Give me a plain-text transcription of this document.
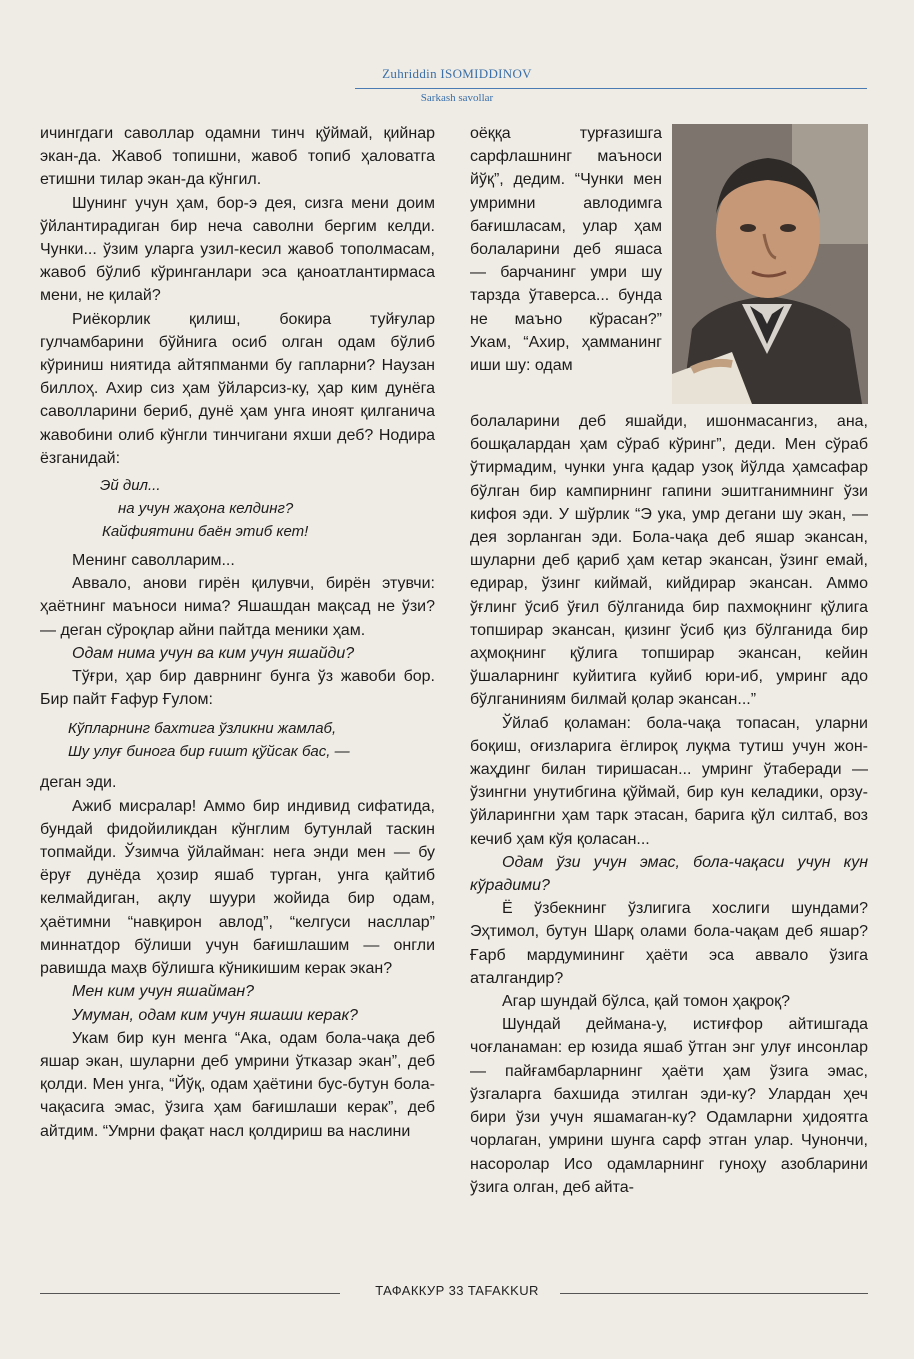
Zuhriddin ISOMIDDINOV
Sarkash savollar

ичингдаги саволлар одамни тинч қўймай, қийнар экан-да. Жавоб топишни, жавоб топиб ҳаловатга етишни тилар экан-да кўнгил.

Шунинг учун ҳам, бор-э дея, сизга мени доим ўйлантирадиган бир неча саволни бергим келди. Чунки... ўзим уларга узил-кесил жавоб тополмасам, жавоб бўлиб кўринганлари эса қаноатлантирмаса мени, не қилай?

Риёкорлик қилиш, бокира туйғулар гулчамбарини бўйнига осиб олган одам бўлиб кўриниш ниятида айтяпманми бу гапларни? Наузан биллоҳ. Ахир сиз ҳам ўйларсиз-ку, ҳар ким дунёга саволларини бериб, дунё ҳам унга иноят қилганича жавобини олиб кўнгли тинчигани яхши деб? Нодира ёзганидай:

Эй дил...
на учун жаҳона келдинг?
Кайфиятини баён этиб кет!

Менинг саволларим...

Аввало, анови гирён қилувчи, бирён этувчи: ҳаётнинг маъноси нима? Яшашдан мақсад не ўзи? — деган сўроқлар айни пайтда меники ҳам.

Одам нима учун ва ким учун яшайди?

Тўғри, ҳар бир даврнинг бунга ўз жавоби бор. Бир пайт Ғафур Ғулом:

Кўпларнинг бахтига ўзликни жамлаб,
Шу улуғ бинога бир ғишт қўйсак бас, —

деган эди.

Ажиб мисралар! Аммо бир индивид сифатида, бундай фидойиликдан кўнглим бутунлай таскин топмайди. Ўзимча ўйлайман: нега энди мен — бу ёруғ дунёда ҳозир яшаб турган, унга қайтиб келмайдиган, ақлу шуури жойида бир одам, ҳаётимни “навқирон авлод”, “келгуси насллар” миннатдор бўлиши учун бағишлашим — онгли равишда маҳв бўлишга кўникишим керак экан?

Мен ким учун яшайман?

Умуман, одам ким учун яшаши керак?

Укам бир кун менга “Ака, одам бола-чақа деб яшар экан, шуларни деб умрини ўтказар экан”, деб қолди. Мен унга, “Йўқ, одам ҳаётини бус-бутун бола-чақасига эмас, ўзига ҳам бағишлаши керак”, деб айтдим. “Умрни фақат насл қолдириш ва наслини

оёққа турғазишга сарфлашнинг маъноси йўқ”, дедим. “Чунки мен умримни авлодимга бағишласам, улар ҳам болаларини деб яшаса — барчанинг умри шу тарзда ўтаверса... бунда не маъно кўрасан?” Укам, “Ахир, ҳамманинг иши шу: одам

болаларини деб яшайди, ишонмасангиз, ана, бошқалардан ҳам сўраб кўринг”, деди. Мен сўраб ўтирмадим, чунки унга қадар узоқ йўлда ҳамсафар бўлган бир кампирнинг гапини эшитганимнинг ўзи кифоя эди. У шўрлик “Э ука, умр дегани шу экан, — дея зорланган эди. Бола-чақа деб яшар экансан, шуларни деб қариб ҳам кетар экансан, ўзинг емай, едирар, ўзинг киймай, кийдирар экансан. Аммо ўғлинг ўсиб ўғил бўлганида бир пахмоқнинг қўлига топширар экансан, қизинг ўсиб қиз бўлганида бир аҳмоқнинг қўлига топширар экансан, кейин ўшаларнинг куйитига куйиб юри-иб, умринг адо бўлганиниям билмай қолар экансан...”

Ўйлаб қоламан: бола-чақа топасан, уларни боқиш, оғизларига ёглироқ луқма тутиш учун жон-жаҳдинг билан тиришасан... умринг ўтаберади — ўзингни унутибгина қўймай, бир кун келадики, орзу-ўйларингни ҳам тарк этасан, барига қўл силтаб, воз кечиб ҳам кўя қоласан...

Одам ўзи учун эмас, бола-чақаси учун кун кўрадими?

Ё ўзбекнинг ўзлигига хослиги шундами? Эҳтимол, бутун Шарқ олами бола-чақам деб яшар? Ғарб мардумининг ҳаёти эса аввало ўзига аталгандир?

Агар шундай бўлса, қай томон ҳақроқ?

Шундай деймана-у, истиғфор айтишгада чоғланаман: ер юзида яшаб ўтган энг улуғ инсонлар — пайғамбарларнинг ҳаёти ҳам ўзига эмас, ўзгаларга бахшида этилган эди-ку? Улардан ҳеч бири ўзи учун яшамаган-ку? Одамларни ҳидоятга чорлаган, умрини шунга сарф этган улар. Чунончи, насоролар Исо одамларнинг гуноҳу азобларини ўзига олган, деб айта-

ТАФАККУР 33 TAFAKKUR
